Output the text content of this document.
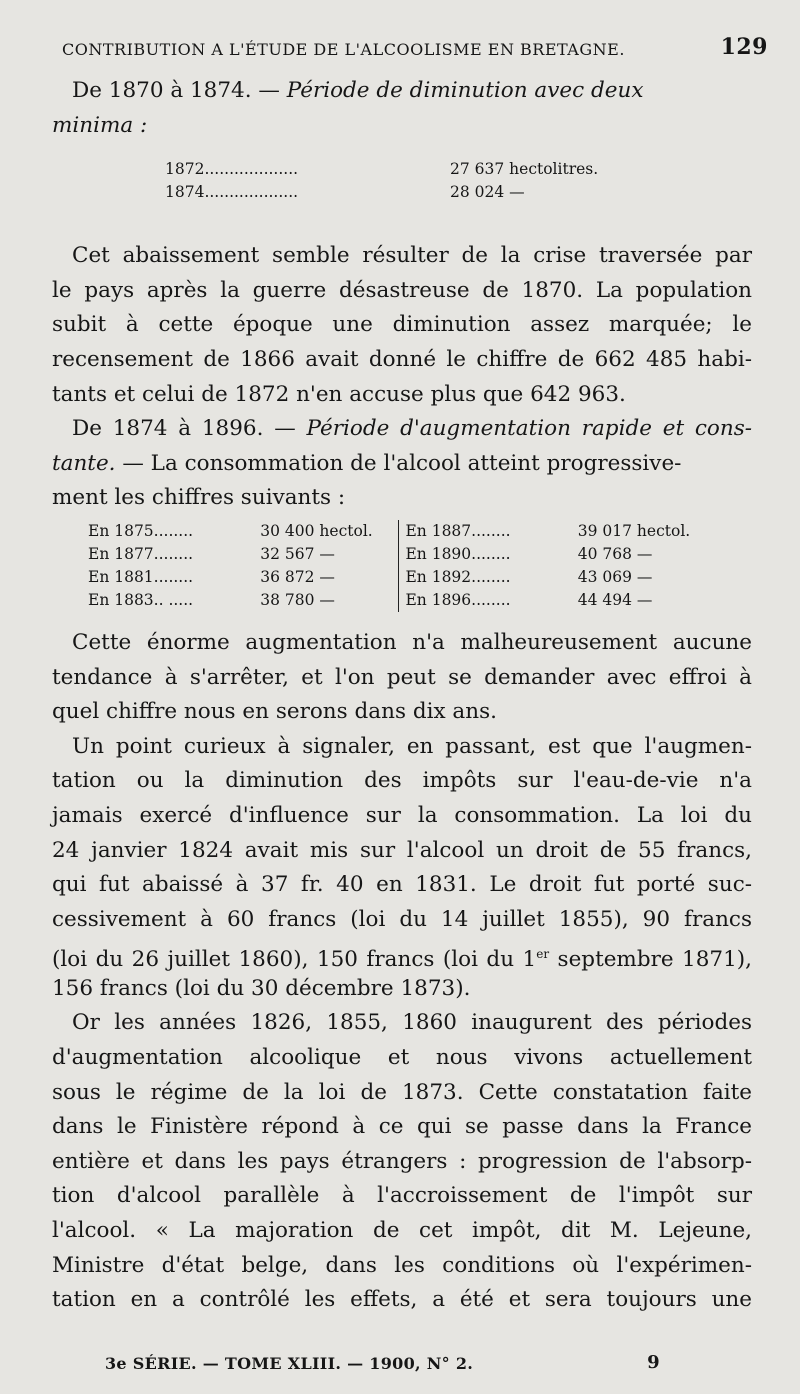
CONTRIBUTION A L'ÉTUDE DE L'ALCOOLISME EN BRETAGNE.	129
De 1870 à 1874. — Période de diminution avec deux
minima :
Cet abaissement semble résulter de la crise traversée par
le pays après la guerre désastreuse de 1870. La population
subit à cette époque une diminution assez marquée; le
recensement de 1866 avait donné le chiffre de 662 485 habi-
tants et celui de 1872 n'en accuse plus que 642 963.
De 1874 à 1896. — Période d'augmentation rapide et cons-
tante. — La consommation de l'alcool atteint progressive-
ment les chiffres suivants :
Cette énorme augmentation n'a malheureusement aucune
tendance à s'arrêter, et l'on peut se demander avec effroi à
quel chiffre nous en serons dans dix ans.
Un point curieux à signaler, en passant, est que l'augmen-
tation ou la diminution des impôts sur l'eau-de-vie n'a
jamais exercé d'influence sur la consommation. La loi du
24 janvier 1824 avait mis sur l'alcool un droit de 55 francs,
qui fut abaissé à 37 fr. 40 en 1831. Le droit fut porté suc-
cessivement à 60 francs (loi du 14 juillet 1855), 90 francs
(loi du 26 juillet 1860), 150 francs (loi du 1er septembre 1871),
156 francs (loi du 30 décembre 1873).
Or les années 1826, 1855, 1860 inaugurent des périodes
d'augmentation alcoolique et nous vivons actuellement
sous le régime de la loi de 1873. Cette constatation faite
dans le Finistère répond à ce qui se passe dans la France
entière et dans les pays étrangers : progression de l'absorp-
tion d'alcool parallèle à l'accroissement de l'impôt sur
l'alcool. « La majoration de cet impôt, dit M. Lejeune,
Ministre d'état belge, dans les conditions où l'expérimen-
tation en a contrôlé les effets, a été et sera toujours une
1872...................	27 637 hectolitres.
1874...................	28 024 —
En 1875........	30 400 hectol.	En 1887........	39 017 hectol.
En 1877........	32 567 —	En 1890........	40 768 —
En 1881........	36 872 —	En 1892........	43 069 —
En 1883.. .....	38 780 —	En 1896........	44 494 —
3e SÉRIE. — TOME XLIII. — 1900, N° 2.	9
